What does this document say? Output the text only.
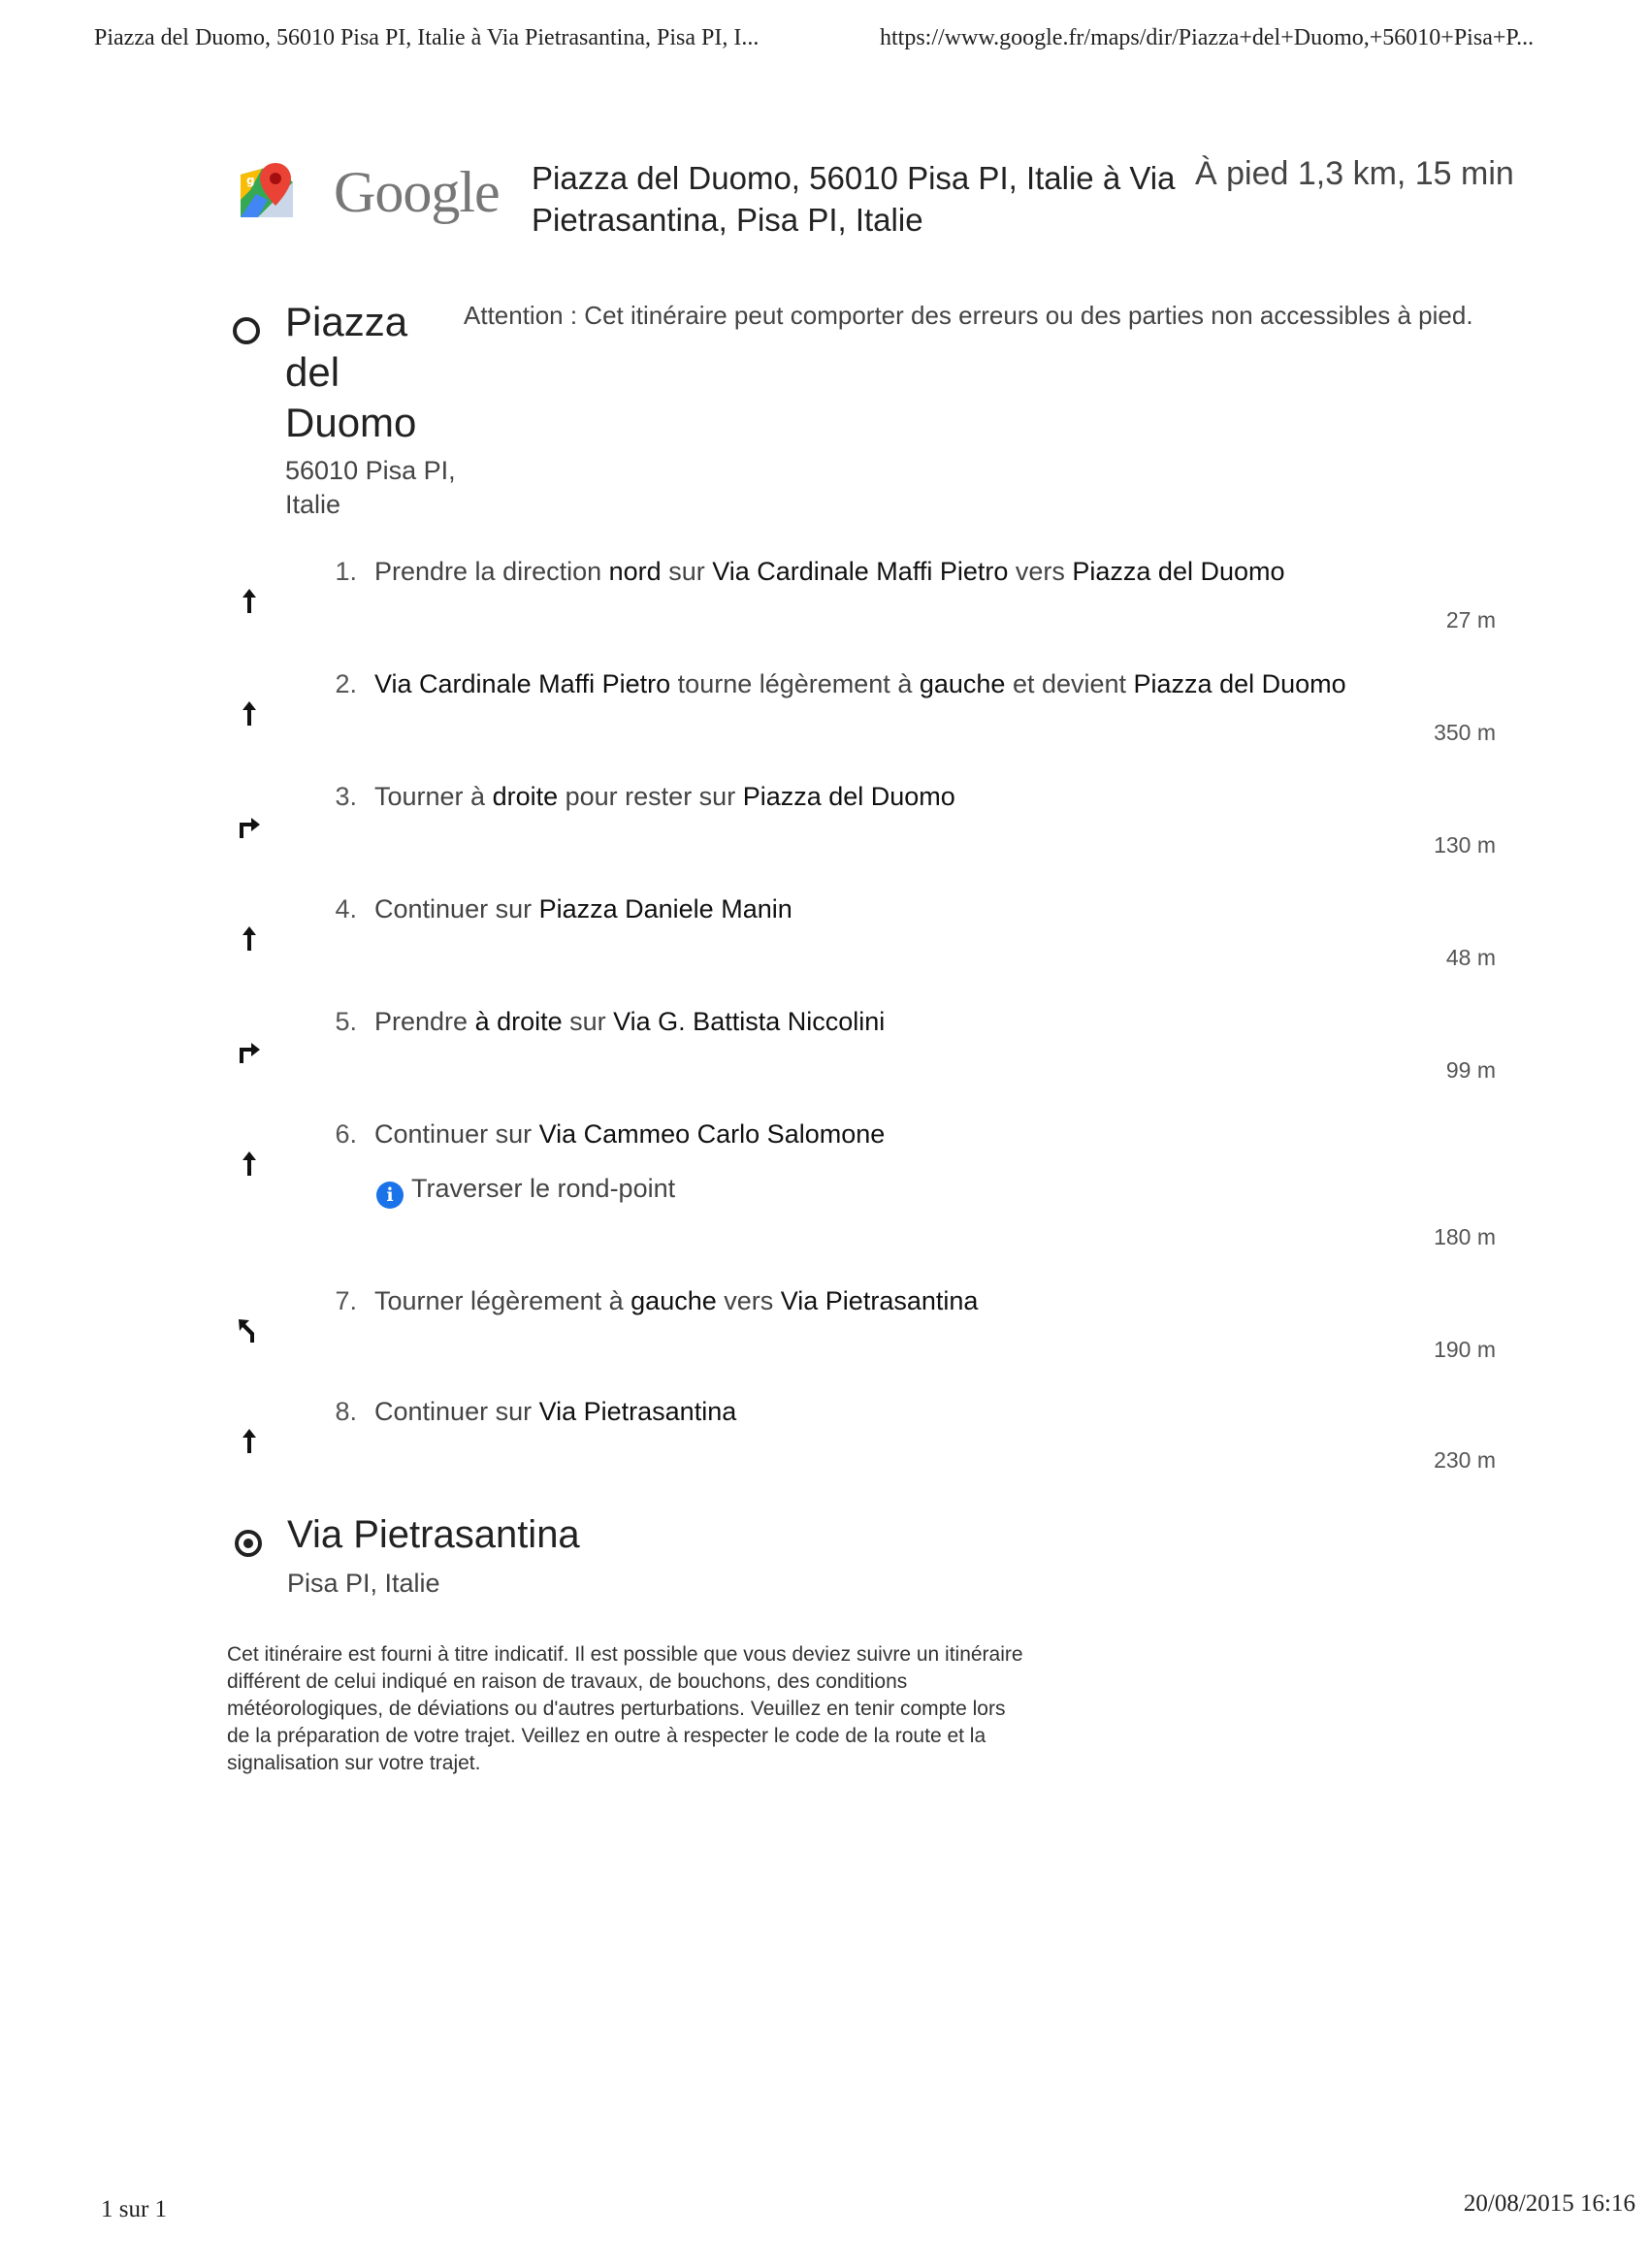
Piazza del Duomo, 56010 Pisa PI, Italie à Via Pietrasantina, Pisa PI, I...	https://www.google.fr/maps/dir/Piazza+del+Duomo,+56010+Pisa+P...
g Google Piazza del Duomo, 56010 Pisa PI, Italie à Via Pietrasantina, Pisa PI, Italie
À pied 1,3 km, 15 min
Piazza del Duomo
56010 Pisa PI, Italie
Attention : Cet itinéraire peut comporter des erreurs ou des parties non accessibles à pied.
1. Prendre la direction nord sur Via Cardinale Maffi Pietro vers Piazza del Duomo
27 m
2. Via Cardinale Maffi Pietro tourne légèrement à gauche et devient Piazza del Duomo
350 m
3. Tourner à droite pour rester sur Piazza del Duomo
130 m
4. Continuer sur Piazza Daniele Manin
48 m
5. Prendre à droite sur Via G. Battista Niccolini
99 m
6. Continuer sur Via Cammeo Carlo Salomone
i Traverser le rond-point
180 m
7. Tourner légèrement à gauche vers Via Pietrasantina
190 m
8. Continuer sur Via Pietrasantina
230 m
Via Pietrasantina
Pisa PI, Italie
Cet itinéraire est fourni à titre indicatif. Il est possible que vous deviez suivre un itinéraire différent de celui indiqué en raison de travaux, de bouchons, des conditions météorologiques, de déviations ou d'autres perturbations. Veuillez en tenir compte lors de la préparation de votre trajet. Veillez en outre à respecter le code de la route et la signalisation sur votre trajet.
1 sur 1	20/08/2015 16:16
